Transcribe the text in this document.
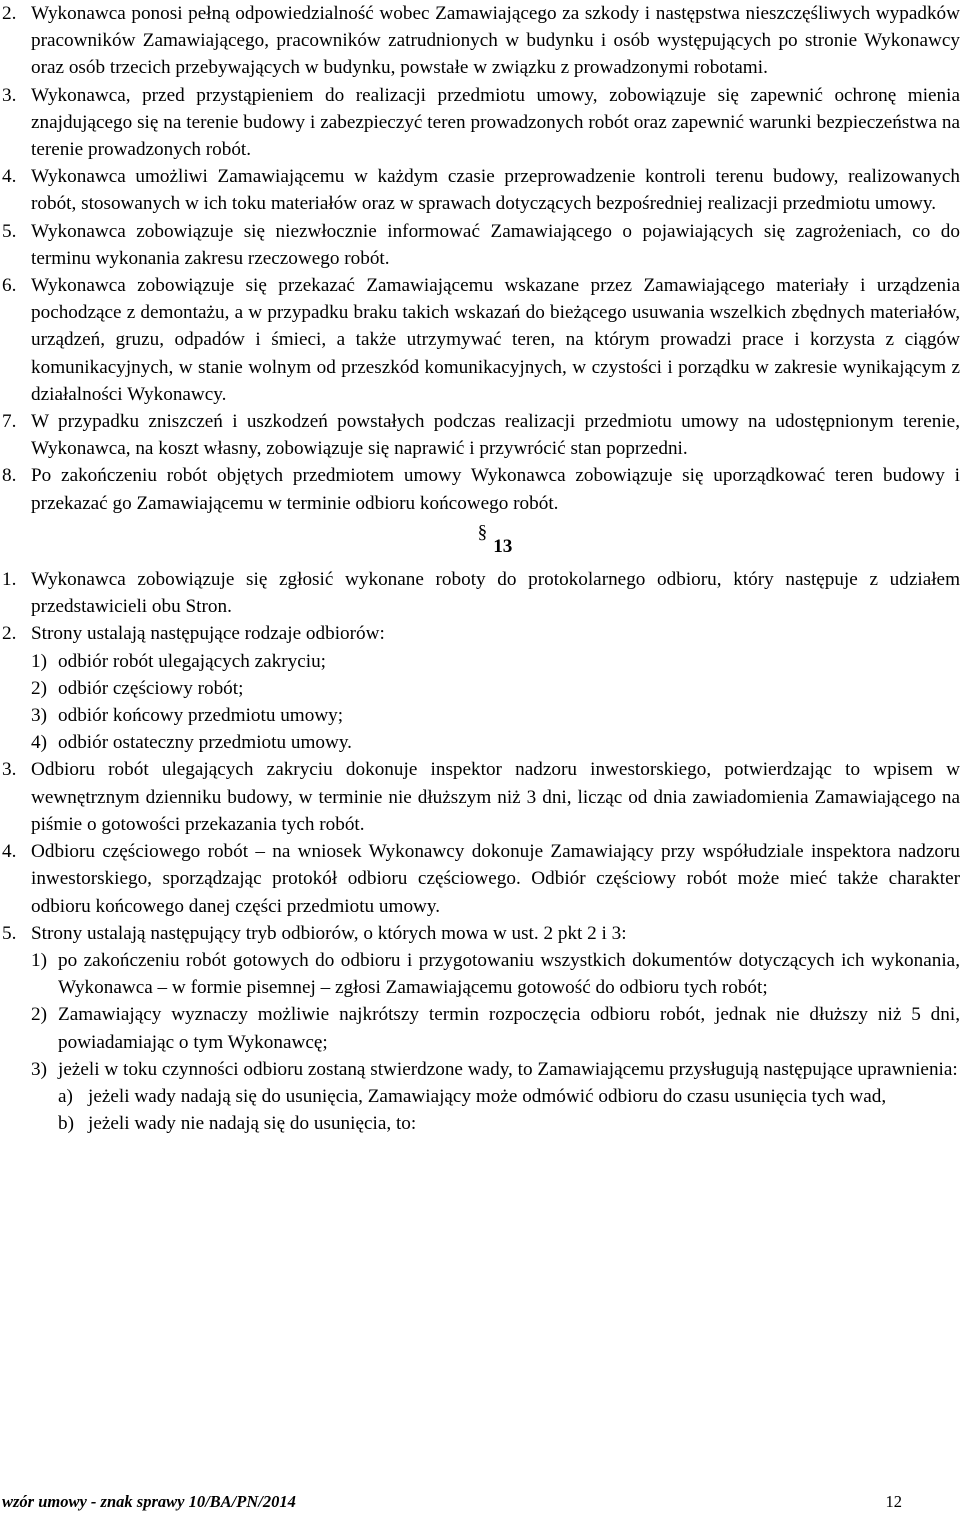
2. Wykonawca ponosi pełną odpowiedzialność wobec Zamawiającego za szkody i następstwa nieszczęśliwych wypadków pracowników Zamawiającego, pracowników zatrudnionych w budynku i osób występujących po stronie Wykonawcy oraz osób trzecich przebywających w budynku, powstałe w związku z prowadzonymi robotami.
3. Wykonawca, przed przystąpieniem do realizacji przedmiotu umowy, zobowiązuje się zapewnić ochronę mienia znajdującego się na terenie budowy i zabezpieczyć teren prowadzonych robót oraz zapewnić warunki bezpieczeństwa na terenie prowadzonych robót.
4. Wykonawca umożliwi Zamawiającemu w każdym czasie przeprowadzenie kontroli terenu budowy, realizowanych robót, stosowanych w ich toku materiałów oraz w sprawach dotyczących bezpośredniej realizacji przedmiotu umowy.
5. Wykonawca zobowiązuje się niezwłocznie informować Zamawiającego o pojawiających się zagrożeniach, co do terminu wykonania zakresu rzeczowego robót.
6. Wykonawca zobowiązuje się przekazać Zamawiającemu wskazane przez Zamawiającego materiały i urządzenia pochodzące z demontażu, a w przypadku braku takich wskazań do bieżącego usuwania wszelkich zbędnych materiałów, urządzeń, gruzu, odpadów i śmieci, a także utrzymywać teren, na którym prowadzi prace i korzysta z ciągów komunikacyjnych, w stanie wolnym od przeszkód komunikacyjnych, w czystości i porządku w zakresie wynikającym z działalności Wykonawcy.
7. W przypadku zniszczeń i uszkodzeń powstałych podczas realizacji przedmiotu umowy na udostępnionym terenie, Wykonawca, na koszt własny, zobowiązuje się naprawić i przywrócić stan poprzedni.
8. Po zakończeniu robót objętych przedmiotem umowy Wykonawca zobowiązuje się uporządkować teren budowy i przekazać go Zamawiającemu w terminie odbioru końcowego robót.
§13
1. Wykonawca zobowiązuje się zgłosić wykonane roboty do protokolarnego odbioru, który następuje z udziałem przedstawicieli obu Stron.
2. Strony ustalają następujące rodzaje odbiorów:
1) odbiór robót ulegających zakryciu;
2) odbiór częściowy robót;
3) odbiór końcowy przedmiotu umowy;
4) odbiór ostateczny przedmiotu umowy.
3. Odbioru robót ulegających zakryciu dokonuje inspektor nadzoru inwestorskiego, potwierdzając to wpisem w wewnętrznym dzienniku budowy, w terminie nie dłuższym niż 3 dni, licząc od dnia zawiadomienia Zamawiającego na piśmie o gotowości przekazania tych robót.
4. Odbioru częściowego robót – na wniosek Wykonawcy dokonuje Zamawiający przy współudziale inspektora nadzoru inwestorskiego, sporządzając protokół odbioru częściowego. Odbiór częściowy robót może mieć także charakter odbioru końcowego danej części przedmiotu umowy.
5. Strony ustalają następujący tryb odbiorów, o których mowa w ust. 2 pkt 2 i 3:
1) po zakończeniu robót gotowych do odbioru i przygotowaniu wszystkich dokumentów dotyczących ich wykonania, Wykonawca – w formie pisemnej – zgłosi Zamawiającemu gotowość do odbioru tych robót;
2) Zamawiający wyznaczy możliwie najkrótszy termin rozpoczęcia odbioru robót, jednak nie dłuższy niż 5 dni, powiadamiając o tym Wykonawcę;
3) jeżeli w toku czynności odbioru zostaną stwierdzone wady, to Zamawiającemu przysługują następujące uprawnienia:
a) jeżeli wady nadają się do usunięcia, Zamawiający może odmówić odbioru do czasu usunięcia tych wad,
b) jeżeli wady nie nadają się do usunięcia, to:
wzór umowy - znak sprawy 10/BA/PN/2014	12
